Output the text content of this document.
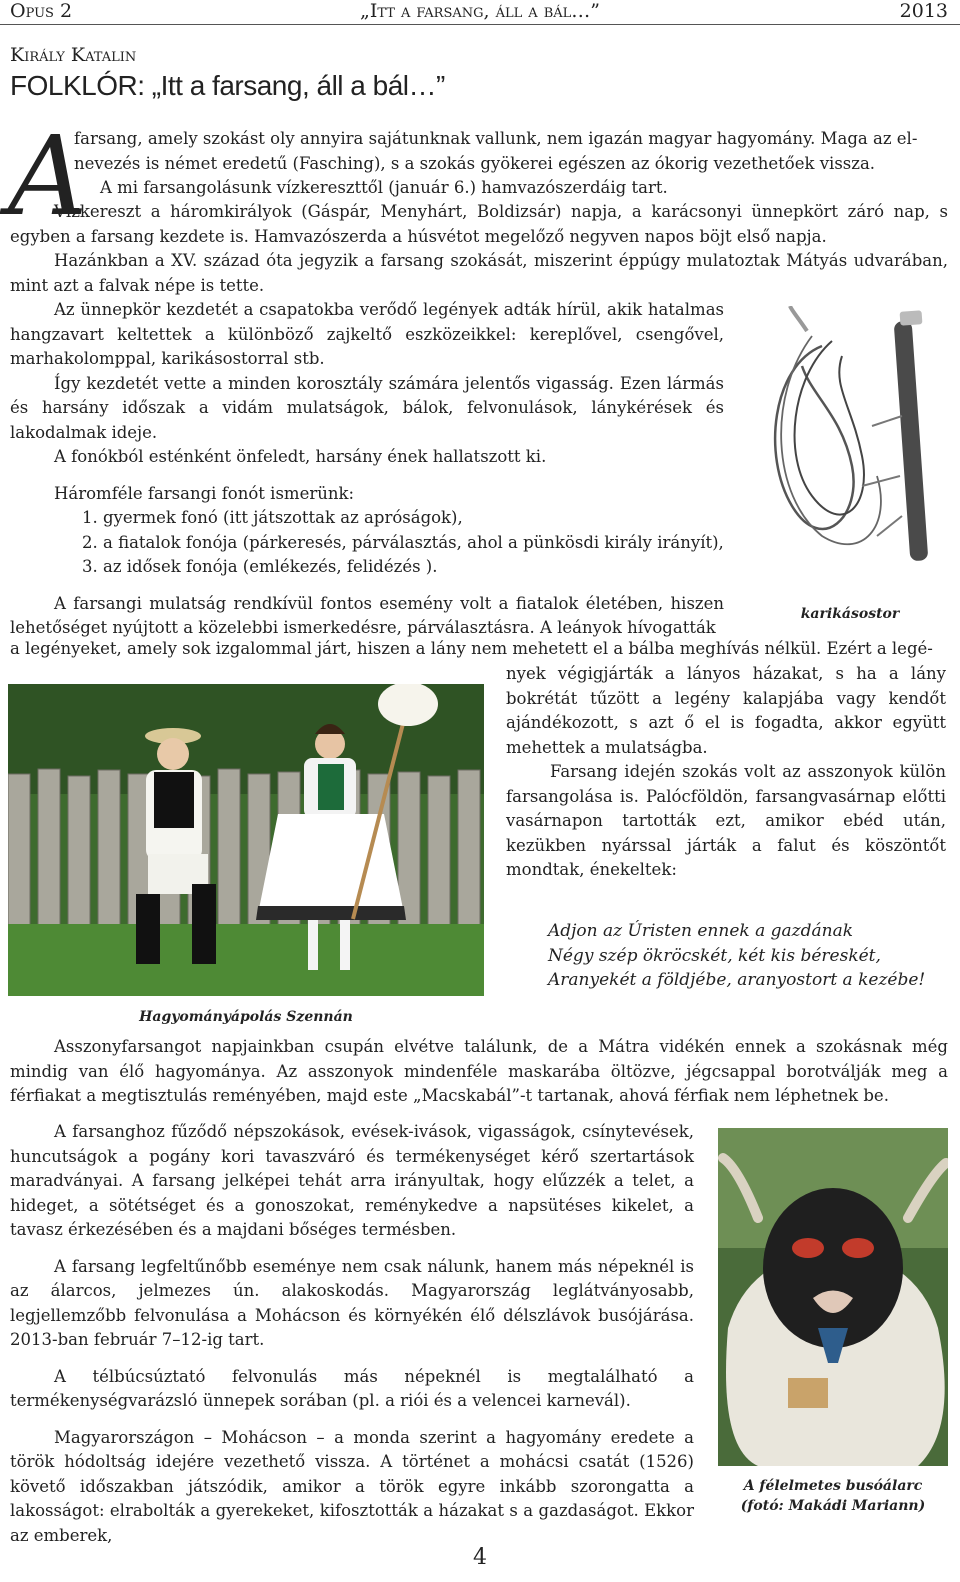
Opus 2	„Itt a farsang, áll a bál…”	2013
Király Katalin
FOLKLÓR: „Itt a farsang, áll a bál…”
A

farsang, amely szokást oly annyira sajátunknak vallunk, nem igazán magyar hagyomány. Maga az el-

nevezés is német eredetű (Fasching), s a szokás gyökerei egészen az ókorig vezethetőek vissza.

A mi farsangolásunk vízkereszttől (január 6.) hamvazószerdáig tart.

Vízkereszt a háromkirályok (Gáspár, Menyhárt, Boldizsár) napja, a karácsonyi ünnepkört záró nap, s egyben a farsang kezdete is. Hamvazószerda a húsvétot megelőző negyven napos böjt első napja.

Hazánkban a XV. század óta jegyzik a farsang szokását, miszerint éppúgy mulatoztak Mátyás udvarában, mint azt a falvak népe is tette.

Az ünnepkör kezdetét a csapatokba verődő legények adták hírül, akik hatalmas hangzavart keltettek a különböző zajkeltő eszközeikkel: kereplővel, csengővel, marhakolomppal, karikásostorral stb.

Így kezdetét vette a minden korosztály számára jelentős vigasság. Ezen lármás és harsány időszak a vidám mulatságok, bálok, felvonulások, lánykérések és lakodalmak ideje.

A fonókból esténként önfeledt, harsány ének hallatszott ki.

Háromféle farsangi fonót ismerünk:

1. gyermek fonó (itt játszottak az apróságok),
2. a fiatalok fonója (párkeresés, párválasztás, ahol a pünkösdi király irányít),
3. az idősek fonója (emlékezés, felidézés ).

A farsangi mulatság rendkívül fontos esemény volt a fiatalok életében, hiszen lehetőséget nyújtott a közelebbi ismerkedésre, párválasztásra. A leányok hívogatták

karikásostor
a legényeket, amely sok izgalommal járt, hiszen a lány nem mehetett el a bálba meghívás nélkül. Ezért a legé-
Hagyományápolás Szennán

nyek végigjárták a lányos házakat, s ha a lány bokrétát tűzött a legény kalapjába vagy kendőt ajándékozott, s azt ő el is fogadta, akkor együtt mehettek a mulatságba.

Farsang idején szokás volt az asszonyok külön farsangolása is. Palócföldön, farsangvasárnap előtti vasárnapon tartották ezt, amikor ebéd után, kezükben nyárssal járták a falut és köszöntőt mondtak, énekeltek:

Adjon az Úristen ennek a gazdának

Négy szép ökröcskét, két kis béreskét,

Aranyekét a földjébe, aranyostort a kezébe!

Asszonyfarsangot napjainkban csupán elvétve találunk, de a Mátra vidékén ennek a szokásnak még mindig van élő hagyománya. Az asszonyok mindenféle maskarába öltözve, jégcsappal borotválják meg a férfiakat a megtisztulás reményében, majd este „Macskabál”-t tartanak, ahová férfiak nem léphetnek be.

A farsanghoz fűződő népszokások, evések-ivások, vigasságok, csínytevések, huncutságok a pogány kori tavaszváró és termékenységet kérő szertartások maradványai. A farsang jelképei tehát arra irányultak, hogy elűzzék a telet, a hideget, a sötétséget és a gonoszokat, reménykedve a napsütéses kikelet, a tavasz érkezésében és a majdani bőséges termésben.

A farsang legfeltűnőbb eseménye nem csak nálunk, hanem más népeknél is az álarcos, jelmezes ún. alakoskodás. Magyarország leglátványosabb, legjellemzőbb felvonulása a Mohácson és környékén élő délszlávok busójárása. 2013-ban február 7–12-ig tart.

A télbúcsúztató felvonulás más népeknél is megtalálható a termékenységvarázsló ünnepek sorában (pl. a riói és a velencei karnevál).

Magyarországon – Mohácson – a monda szerint a hagyomány eredete a török hódoltság idejére vezethető vissza. A történet a mohácsi csatát (1526) követő időszakban játszódik, amikor a török egyre inkább szorongatta a lakosságot: elrabolták a gyerekeket, kifosztották a házakat s a gazdaságot. Ekkor az emberek,

A félelmetes busóálarc
(fotó: Makádi Mariann)
4
